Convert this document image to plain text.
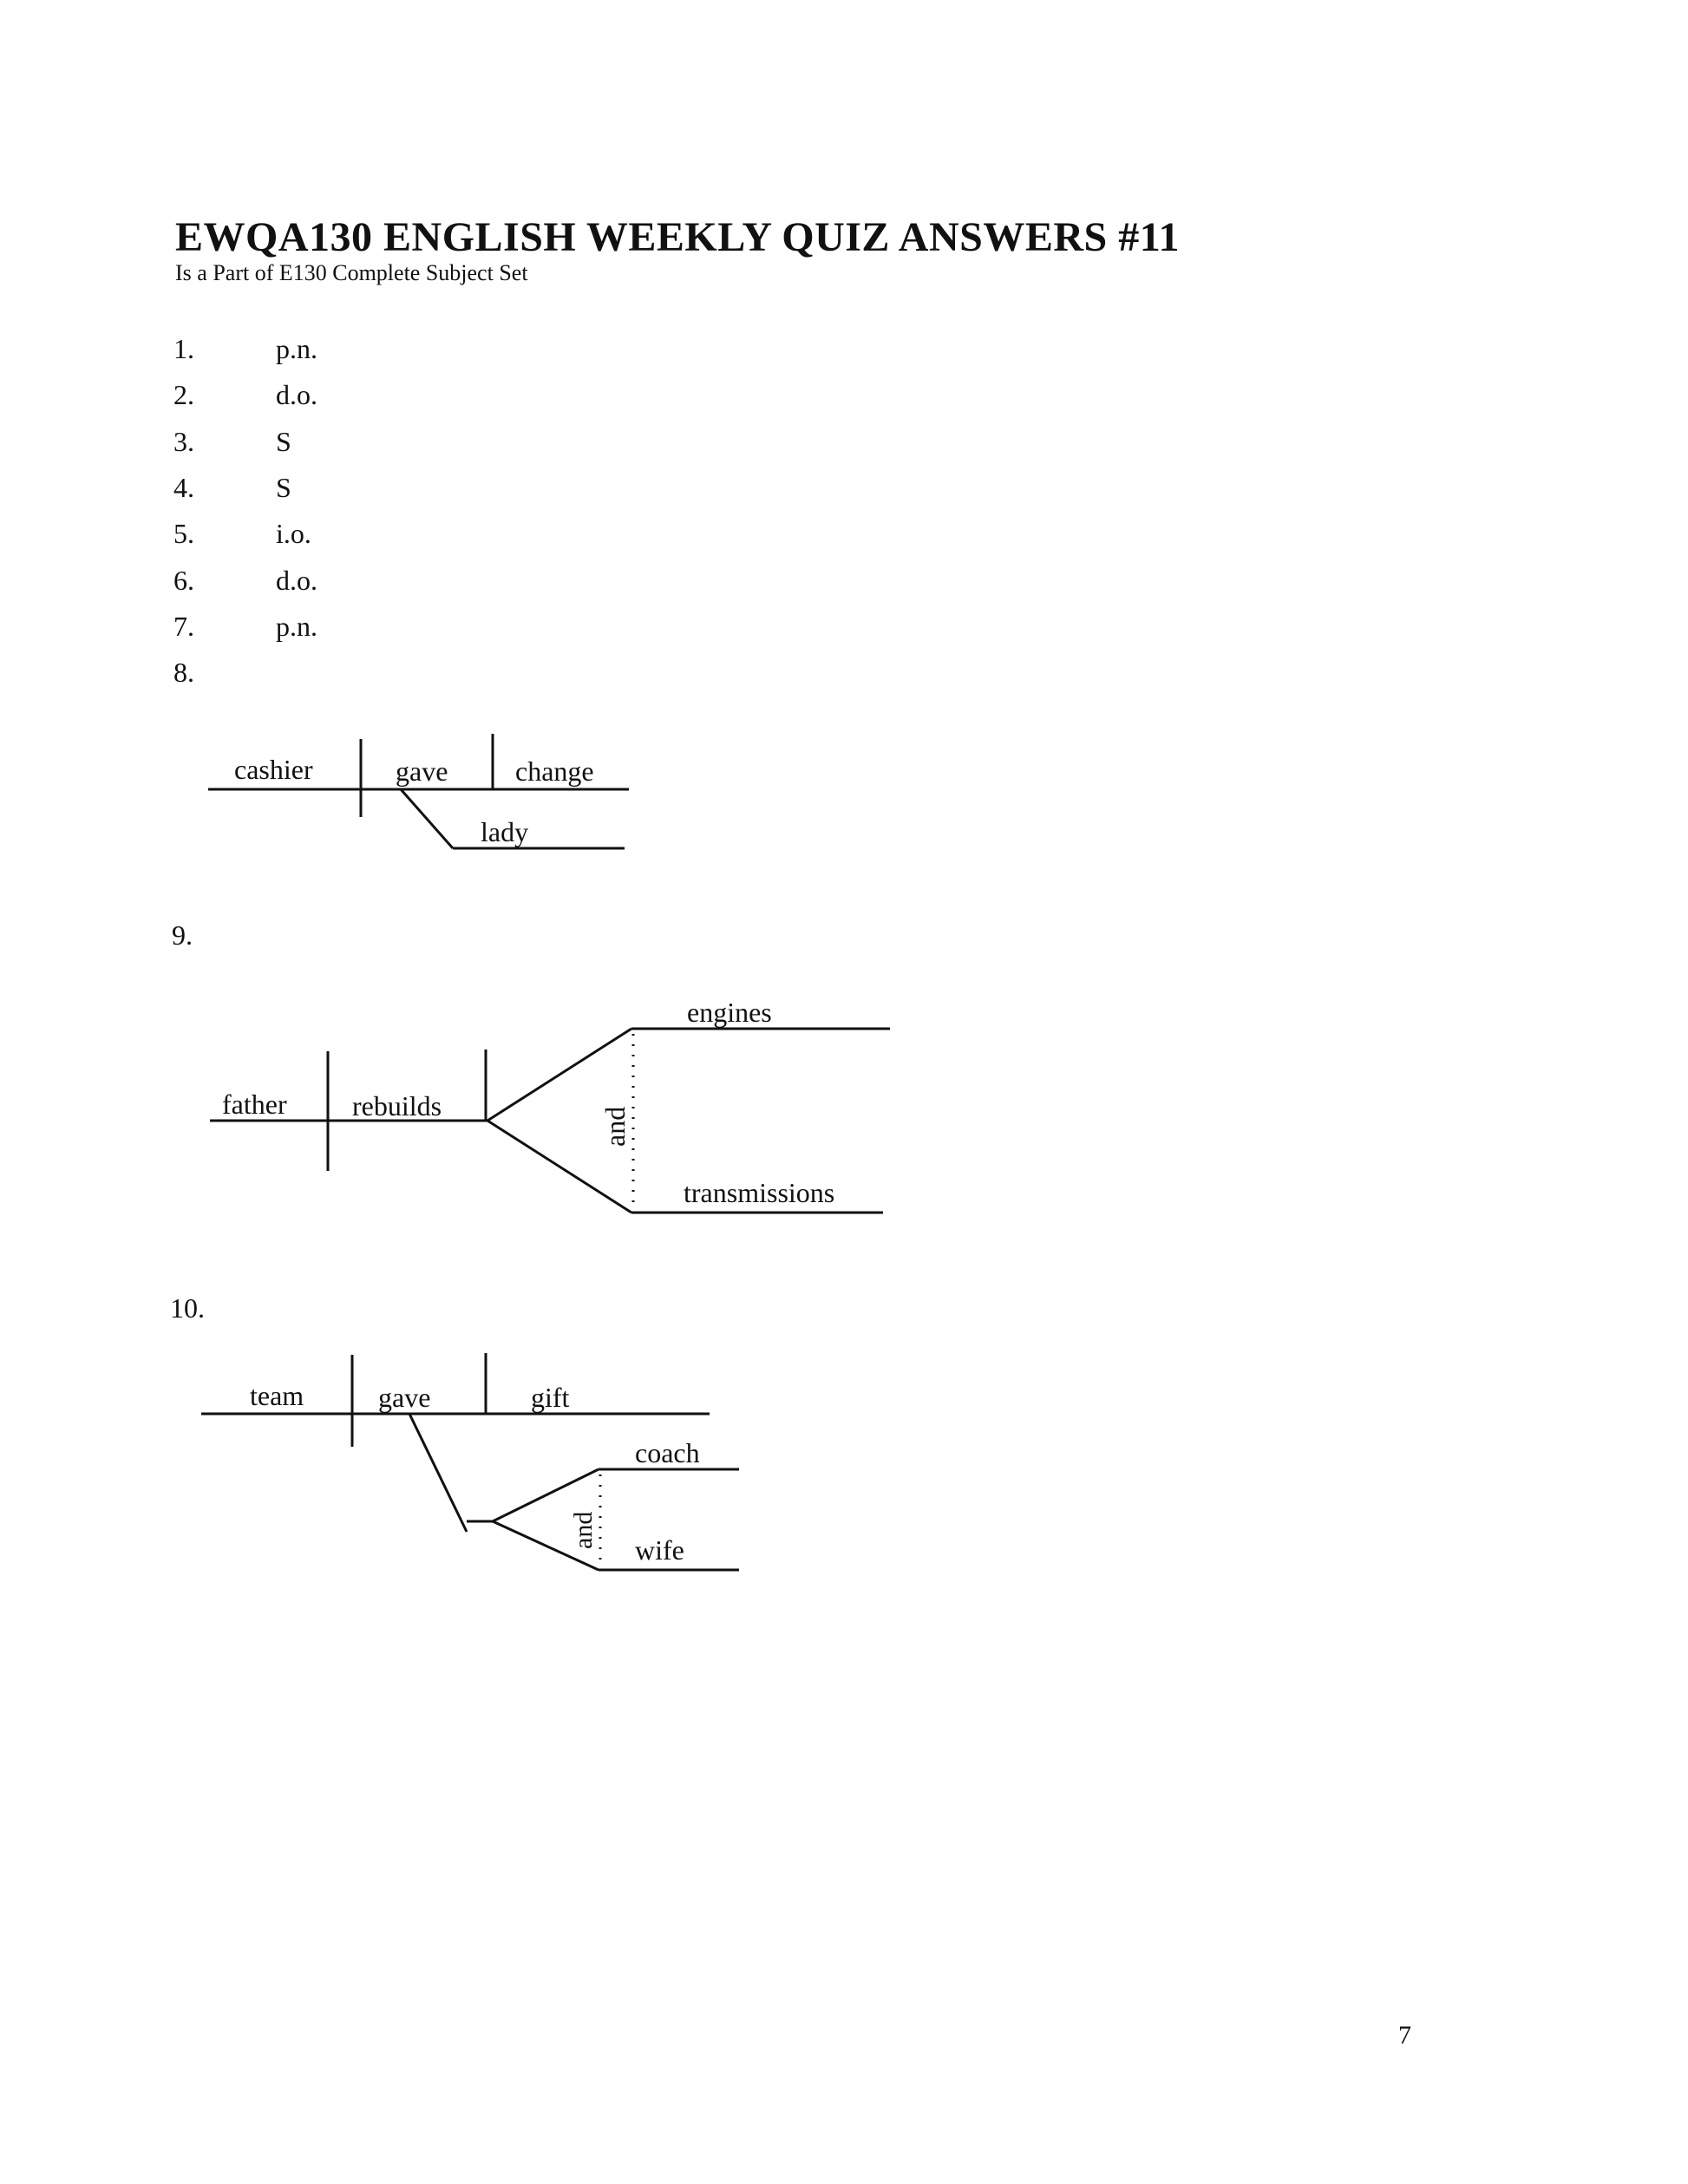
EWQA130 ENGLISH WEEKLY QUIZ ANSWERS #11
Is a Part of E130 Complete Subject Set
1.	p.n.
2.	d.o.
3.	S
4.	S
5.	i.o.
6.	d.o.
7.	p.n.
8.
9.
10.
cashier	gave change
lady
father rebuilds
engines
transmissions
and
team	gave	gift
coach
wife
and
7
